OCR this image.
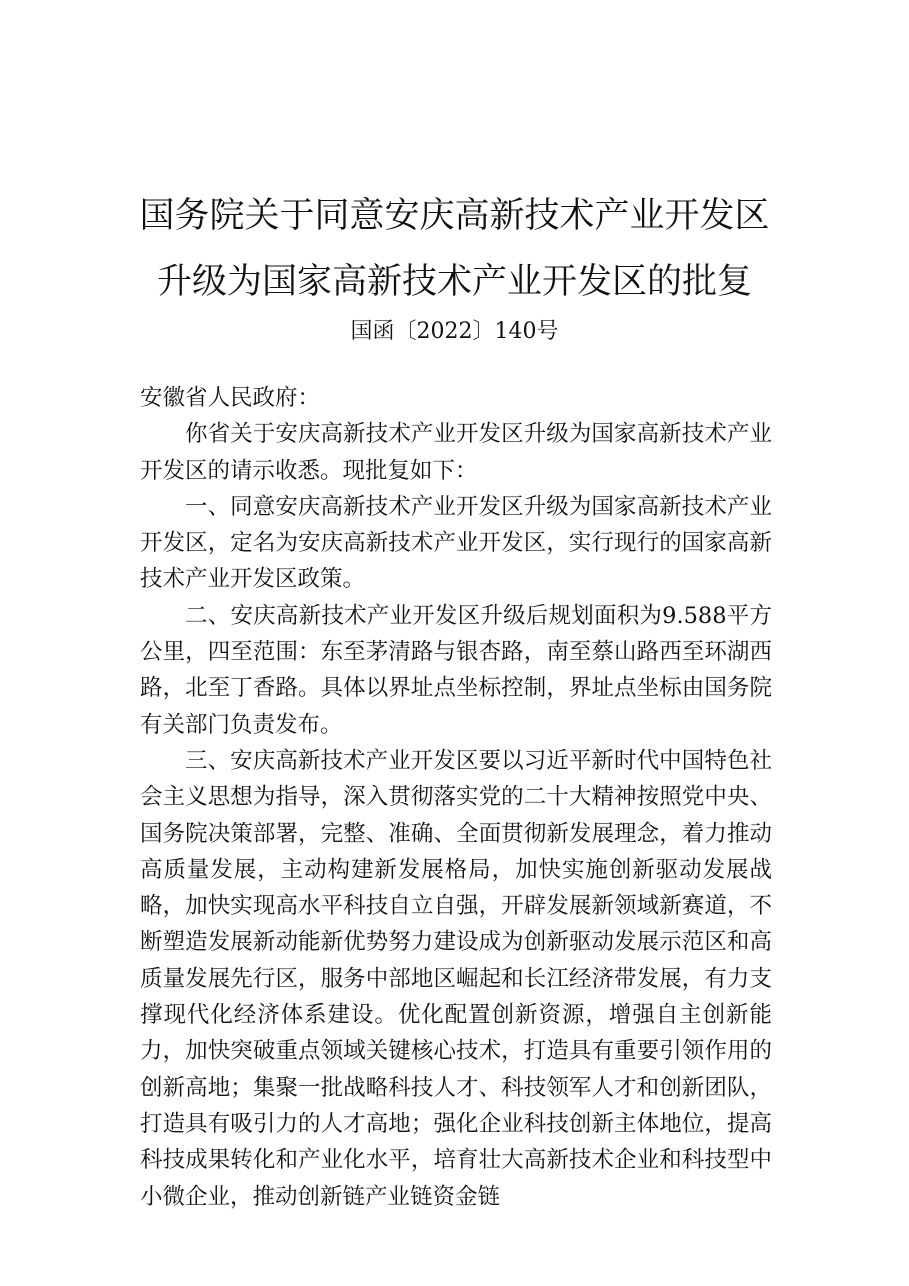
国务院关于同意安庆高新技术产业开发区
升级为国家高新技术产业开发区的批复
国函〔2022〕140号

安徽省人民政府：

你省关于安庆高新技术产业开发区升级为国家高新技术产业开发区的请示收悉。现批复如下：

一、同意安庆高新技术产业开发区升级为国家高新技术产业开发区，定名为安庆高新技术产业开发区，实行现行的国家高新技术产业开发区政策。

二、安庆高新技术产业开发区升级后规划面积为9.588平方公里，四至范围：东至茅清路与银杏路，南至蔡山路西至环湖西路，北至丁香路。具体以界址点坐标控制，界址点坐标由国务院有关部门负责发布。

三、安庆高新技术产业开发区要以习近平新时代中国特色社会主义思想为指导，深入贯彻落实党的二十大精神按照党中央、国务院决策部署，完整、准确、全面贯彻新发展理念，着力推动高质量发展，主动构建新发展格局，加快实施创新驱动发展战略，加快实现高水平科技自立自强，开辟发展新领域新赛道，不断塑造发展新动能新优势努力建设成为创新驱动发展示范区和高质量发展先行区，服务中部地区崛起和长江经济带发展，有力支撑现代化经济体系建设。优化配置创新资源，增强自主创新能力，加快突破重点领域关键核心技术，打造具有重要引领作用的创新高地；集聚一批战略科技人才、科技领军人才和创新团队，打造具有吸引力的人才高地；强化企业科技创新主体地位，提高科技成果转化和产业化水平，培育壮大高新技术企业和科技型中小微企业，推动创新链产业链资金链
